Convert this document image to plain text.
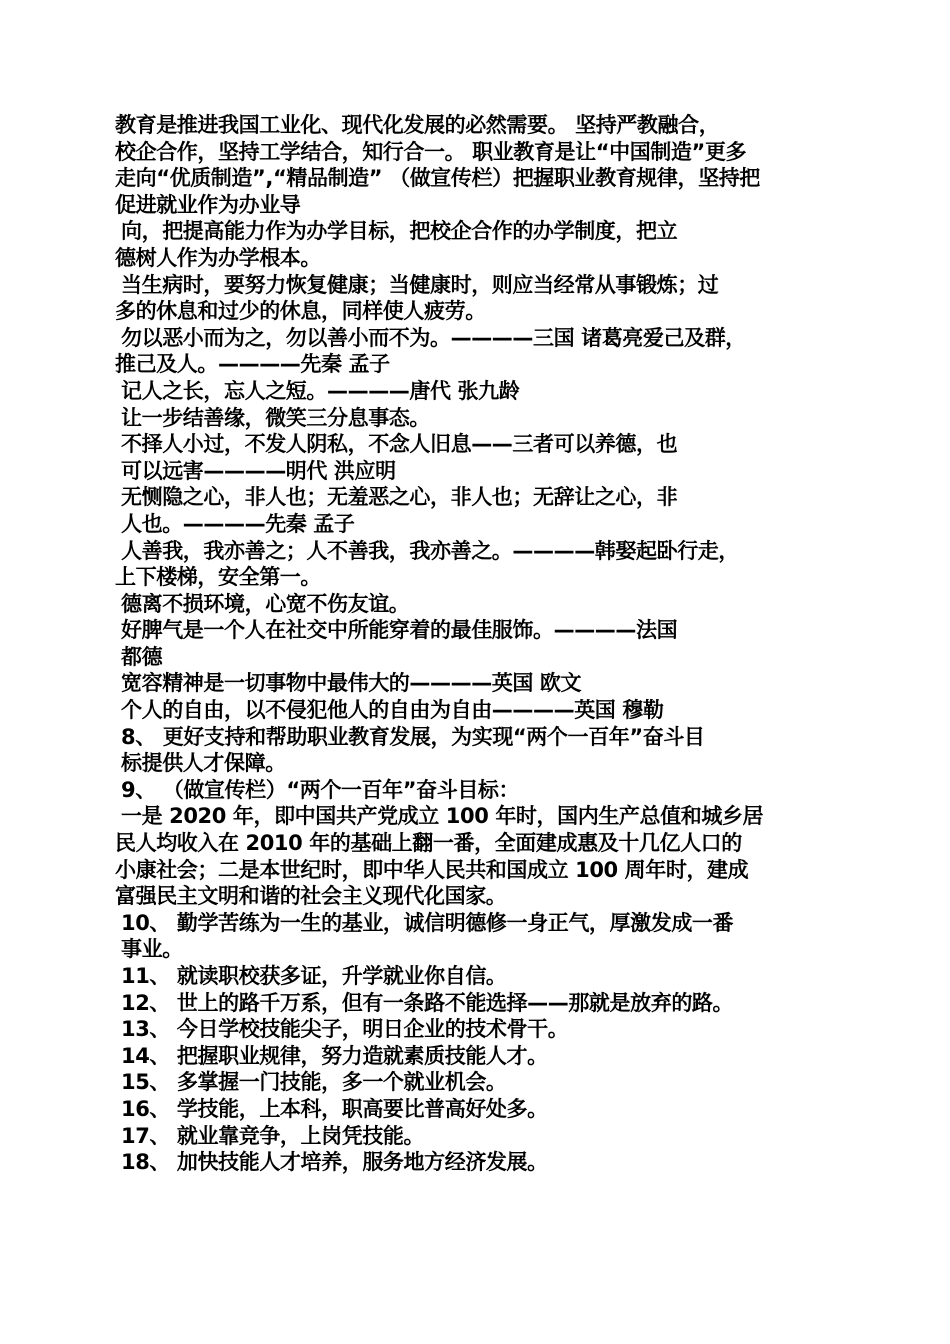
教育是推进我国工业化、现代化发展的必然需要。 坚持严教融合，
校企合作，坚持工学结合，知行合一。 职业教育是让“中国制造”更多
走向“优质制造”,“精品制造” （做宣传栏）把握职业教育规律，坚持把
促进就业作为办业导
向，把提高能力作为办学目标，把校企合作的办学制度，把立
德树人作为办学根本。
当生病时，要努力恢复健康；当健康时，则应当经常从事锻炼；过
多的休息和过少的休息，同样使人疲劳。
勿以恶小而为之，勿以善小而不为。————三国 诸葛亮爱己及群，
推己及人。————先秦 孟子
记人之长，忘人之短。————唐代 张九龄
让一步结善缘，微笑三分息事态。
不择人小过，不发人阴私，不念人旧息——三者可以养德，也
可以远害————明代 洪应明
无恻隐之心，非人也；无羞恶之心，非人也；无辞让之心，非
人也。————先秦 孟子
人善我，我亦善之；人不善我，我亦善之。————韩娶起卧行走，
上下楼梯，安全第一。
德离不损环境，心宽不伤友谊。
好脾气是一个人在社交中所能穿着的最佳服饰。————法国
都德
宽容精神是一切事物中最伟大的————英国 欧文
个人的自由，以不侵犯他人的自由为自由————英国 穆勒
8、 更好支持和帮助职业教育发展，为实现“两个一百年”奋斗目
标提供人才保障。
9、 （做宣传栏）“两个一百年”奋斗目标：
一是 2020 年，即中国共产党成立 100 年时，国内生产总值和城乡居
民人均收入在 2010 年的基础上翻一番，全面建成惠及十几亿人口的
小康社会；二是本世纪时，即中华人民共和国成立 100 周年时，建成
富强民主文明和谐的社会主义现代化国家。
10、 勤学苦练为一生的基业，诚信明德修一身正气，厚激发成一番
事业。
11、 就读职校获多证，升学就业你自信。
12、 世上的路千万系，但有一条路不能选择——那就是放弃的路。
13、 今日学校技能尖子，明日企业的技术骨干。
14、 把握职业规律，努力造就素质技能人才。
15、 多掌握一门技能，多一个就业机会。
16、 学技能，上本科，职高要比普高好处多。
17、 就业靠竞争，上岗凭技能。
18、 加快技能人才培养，服务地方经济发展。
